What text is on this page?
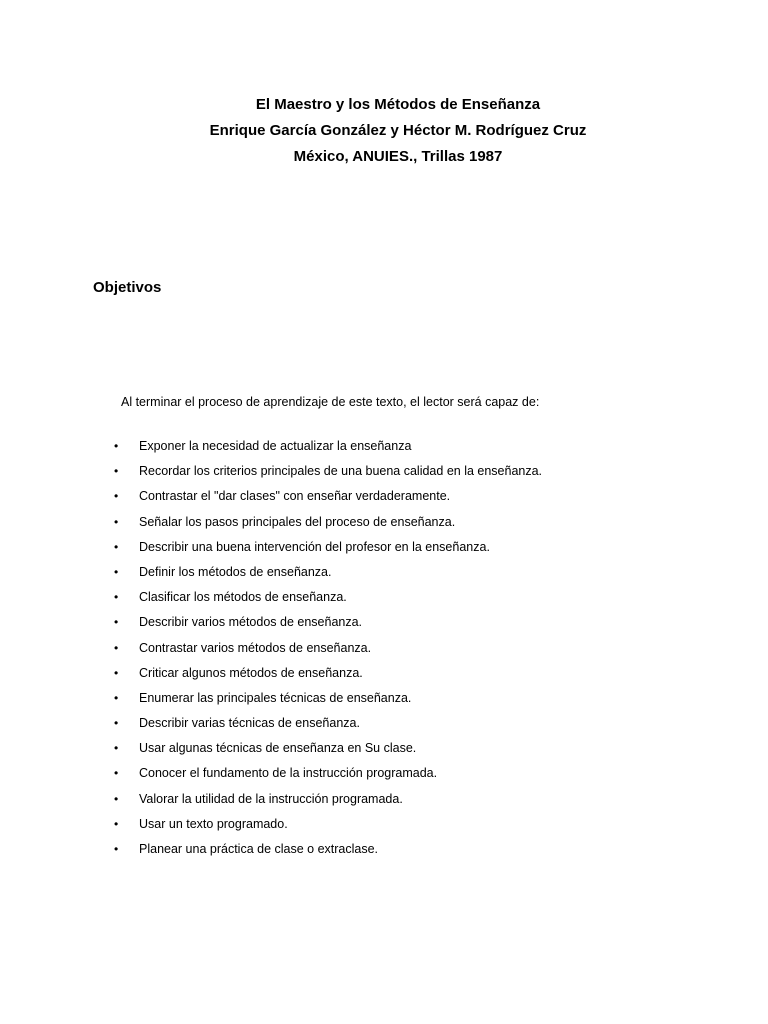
El Maestro y los Métodos de Enseñanza

Enrique García González y Héctor M. Rodríguez Cruz

México, ANUIES., Trillas 1987

Objetivos

Al terminar el proceso de aprendizaje de este texto, el lector será capaz de:

• Exponer la necesidad de actualizar la enseñanza
• Recordar los criterios principales de una buena calidad en la enseñanza.
• Contrastar el "dar clases" con enseñar verdaderamente.
• Señalar los pasos principales del proceso de enseñanza.
• Describir una buena intervención del profesor en la enseñanza.
• Definir los métodos de enseñanza.
• Clasificar los métodos de enseñanza.
• Describir varios métodos de enseñanza.
• Contrastar varios métodos de enseñanza.
• Criticar algunos métodos de enseñanza.
• Enumerar las principales técnicas de enseñanza.
• Describir varias técnicas de enseñanza.
• Usar algunas técnicas de enseñanza en Su clase.
• Conocer el fundamento de la instrucción programada.
• Valorar la utilidad de la instrucción programada.
• Usar un texto programado.
• Planear una práctica de clase o extraclase.
